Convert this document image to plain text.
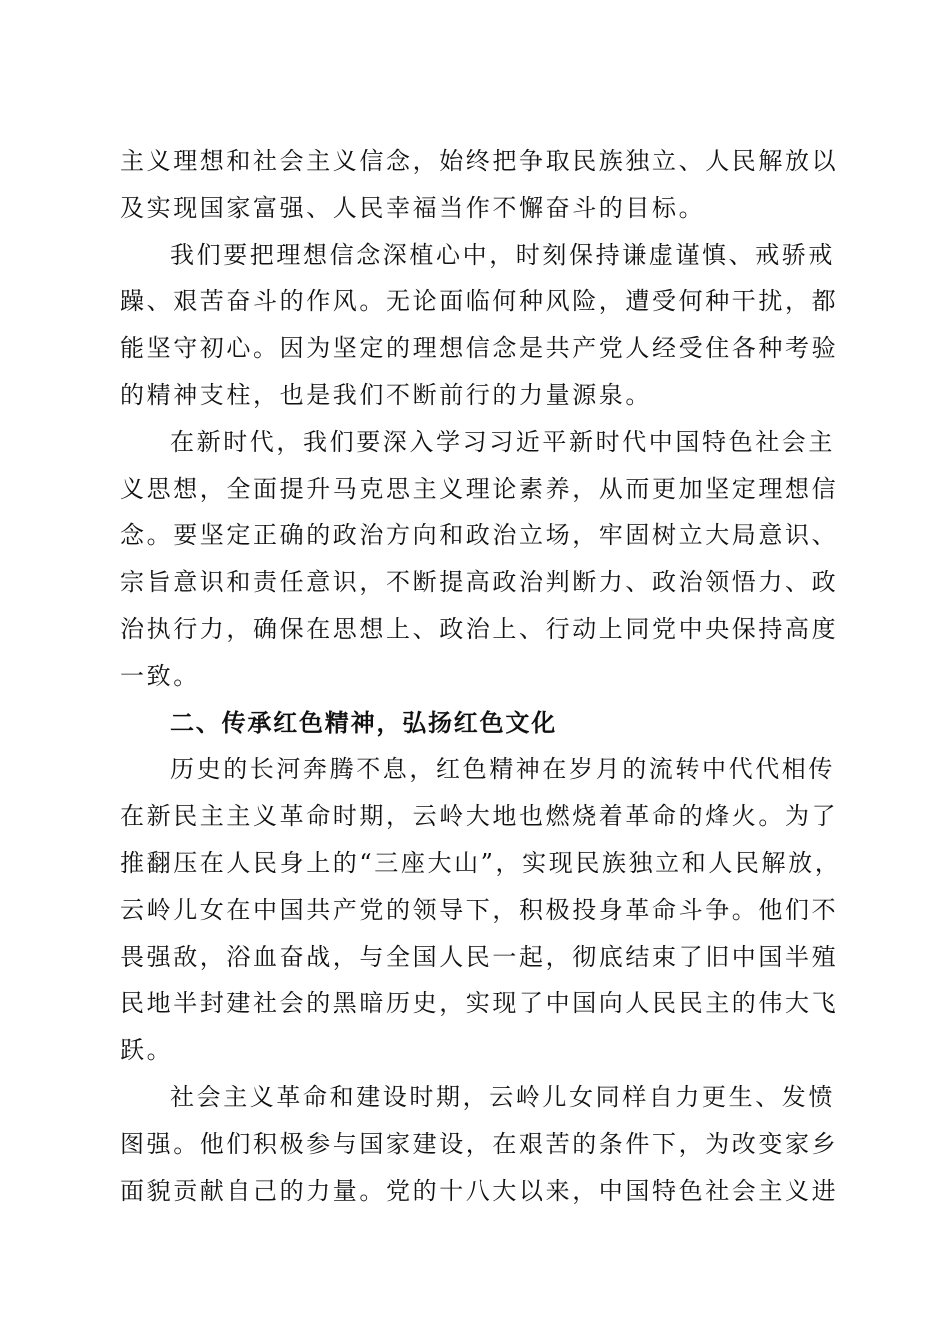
主义理想和社会主义信念，始终把争取民族独立、人民解放以
及实现国家富强、人民幸福当作不懈奋斗的目标。
我们要把理想信念深植心中，时刻保持谦虚谨慎、戒骄戒
躁、艰苦奋斗的作风。无论面临何种风险，遭受何种干扰，都
能坚守初心。因为坚定的理想信念是共产党人经受住各种考验
的精神支柱，也是我们不断前行的力量源泉。
在新时代，我们要深入学习习近平新时代中国特色社会主
义思想，全面提升马克思主义理论素养，从而更加坚定理想信
念。要坚定正确的政治方向和政治立场，牢固树立大局意识、
宗旨意识和责任意识，不断提高政治判断力、政治领悟力、政
治执行力，确保在思想上、政治上、行动上同党中央保持高度
一致。
二、传承红色精神，弘扬红色文化
历史的长河奔腾不息，红色精神在岁月的流转中代代相传
在新民主主义革命时期，云岭大地也燃烧着革命的烽火。为了
推翻压在人民身上的“三座大山”，实现民族独立和人民解放，
云岭儿女在中国共产党的领导下，积极投身革命斗争。他们不
畏强敌，浴血奋战，与全国人民一起，彻底结束了旧中国半殖
民地半封建社会的黑暗历史，实现了中国向人民民主的伟大飞
跃。
社会主义革命和建设时期，云岭儿女同样自力更生、发愤
图强。他们积极参与国家建设，在艰苦的条件下，为改变家乡
面貌贡献自己的力量。党的十八大以来，中国特色社会主义进
